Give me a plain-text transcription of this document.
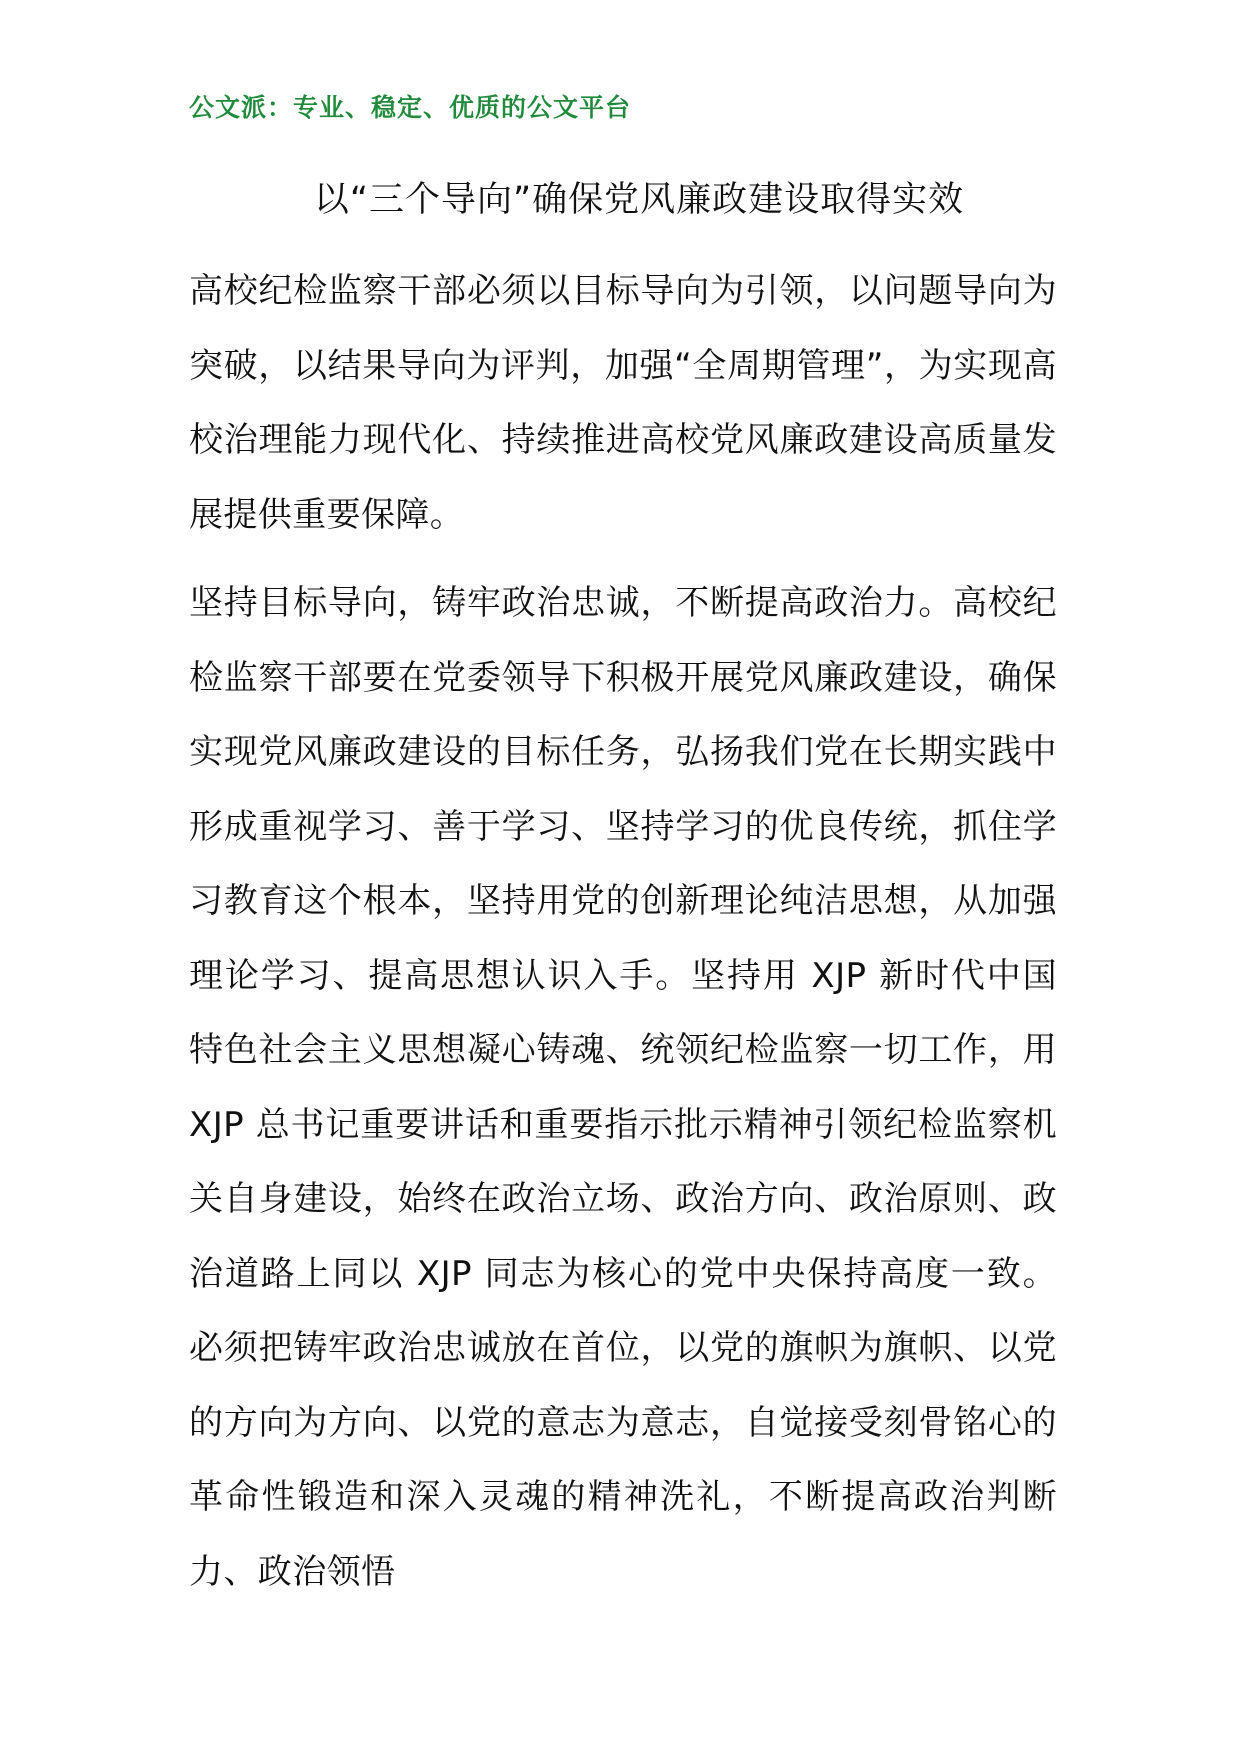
公文派：专业、稳定、优质的公文平台
以“三个导向”确保党风廉政建设取得实效

高校纪检监察干部必须以目标导向为引领，以问题导向为突破，以结果导向为评判，加强“全周期管理”，为实现高校治理能力现代化、持续推进高校党风廉政建设高质量发展提供重要保障。

坚持目标导向，铸牢政治忠诚，不断提高政治力。高校纪检监察干部要在党委领导下积极开展党风廉政建设，确保实现党风廉政建设的目标任务，弘扬我们党在长期实践中形成重视学习、善于学习、坚持学习的优良传统，抓住学习教育这个根本，坚持用党的创新理论纯洁思想，从加强理论学习、提高思想认识入手。坚持用 XJP 新时代中国特色社会主义思想凝心铸魂、统领纪检监察一切工作，用 XJP 总书记重要讲话和重要指示批示精神引领纪检监察机关自身建设，始终在政治立场、政治方向、政治原则、政治道路上同以 XJP 同志为核心的党中央保持高度一致。必须把铸牢政治忠诚放在首位，以党的旗帜为旗帜、以党的方向为方向、以党的意志为意志，自觉接受刻骨铭心的革命性锻造和深入灵魂的精神洗礼，不断提高政治判断力、政治领悟
